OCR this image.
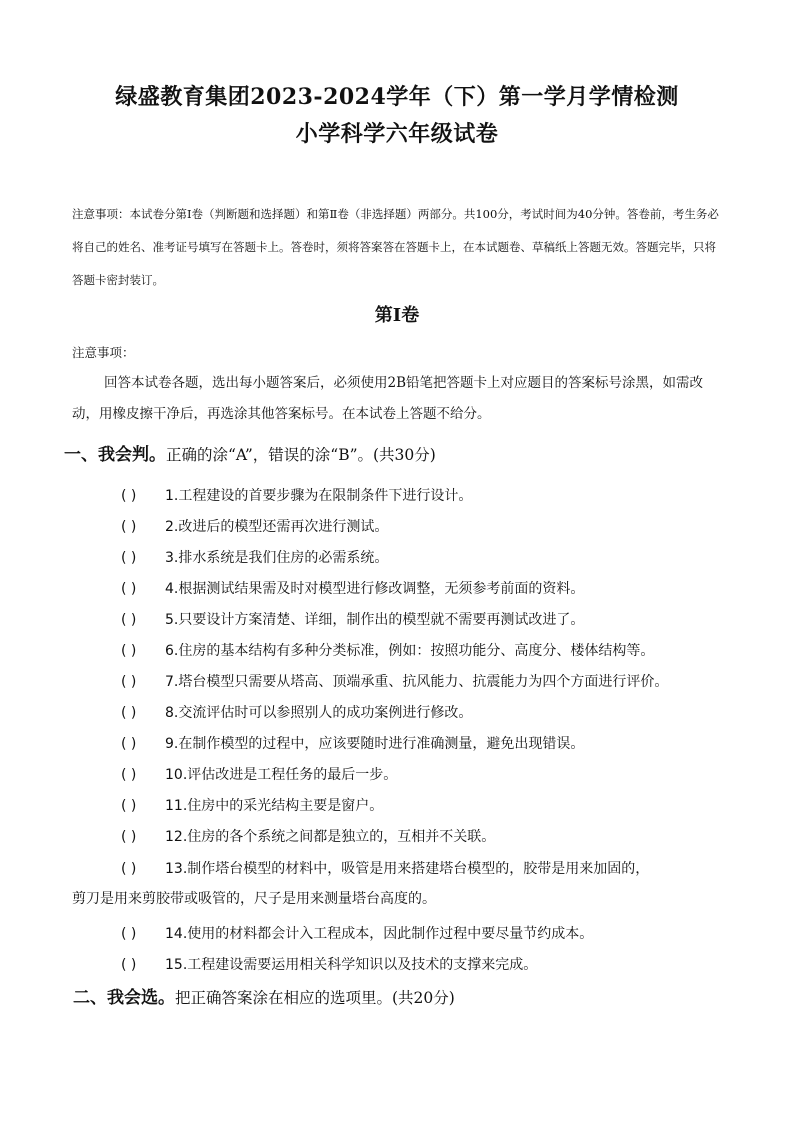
绿盛教育集团2023-2024学年（下）第一学月学情检测
小学科学六年级试卷
注意事项：本试卷分第Ⅰ卷（判断题和选择题）和第Ⅱ卷（非选择题）两部分。共100分，考试时间为40分钟。答卷前，考生务必将自己的姓名、准考证号填写在答题卡上。答卷时，须将答案答在答题卡上，在本试题卷、草稿纸上答题无效。答题完毕，只将答题卡密封装订。
第Ⅰ卷
注意事项：
回答本试卷各题，选出每小题答案后，必须使用2B铅笔把答题卡上对应题目的答案标号涂黑，如需改动，用橡皮擦干净后，再选涂其他答案标号。在本试卷上答题不给分。
一、我会判。正确的涂“A”，错误的涂“B”。(共30分)
( ) 1.工程建设的首要步骤为在限制条件下进行设计。
( ) 2.改进后的模型还需再次进行测试。
( ) 3.排水系统是我们住房的必需系统。
( ) 4.根据测试结果需及时对模型进行修改调整，无须参考前面的资料。
( ) 5.只要设计方案清楚、详细，制作出的模型就不需要再测试改进了。
( ) 6.住房的基本结构有多种分类标准，例如：按照功能分、高度分、楼体结构等。
( ) 7.塔台模型只需要从塔高、顶端承重、抗风能力、抗震能力为四个方面进行评价。
( ) 8.交流评估时可以参照别人的成功案例进行修改。
( ) 9.在制作模型的过程中，应该要随时进行准确测量，避免出现错误。
( ) 10.评估改进是工程任务的最后一步。
( ) 11.住房中的采光结构主要是窗户。
( ) 12.住房的各个系统之间都是独立的，互相并不关联。
( ) 13.制作塔台模型的材料中，吸管是用来搭建塔台模型的，胶带是用来加固的，
剪刀是用来剪胶带或吸管的，尺子是用来测量塔台高度的。
( ) 14.使用的材料都会计入工程成本，因此制作过程中要尽量节约成本。
( ) 15.工程建设需要运用相关科学知识以及技术的支撑来完成。
二、我会选。把正确答案涂在相应的选项里。(共20分)
